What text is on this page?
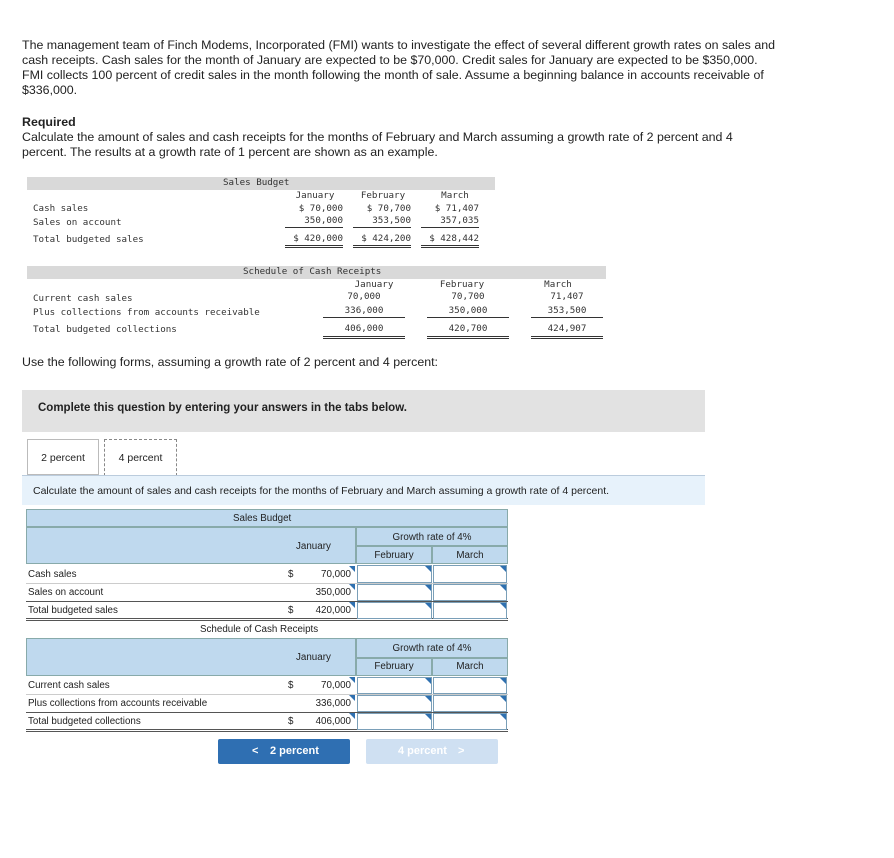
The management team of Finch Modems, Incorporated (FMI) wants to investigate the effect of several different growth rates on sales and cash receipts. Cash sales for the month of January are expected to be $70,000. Credit sales for January are expected to be $350,000. FMI collects 100 percent of credit sales in the month following the month of sale. Assume a beginning balance in accounts receivable of $336,000.
Required
Calculate the amount of sales and cash receipts for the months of February and March assuming a growth rate of 2 percent and 4 percent. The results at a growth rate of 1 percent are shown as an example.
Sales Budget
January	February	March
Cash sales	$ 70,000	$ 70,700	$ 71,407
Sales on account	350,000	353,500	357,035
Total budgeted sales	$ 420,000	$ 424,200	$ 428,442
Schedule of Cash Receipts
January	February	March
Current cash sales	70,000	70,700	71,407
Plus collections from accounts receivable	336,000	350,000	353,500
Total budgeted collections	406,000	420,700	424,907
Use the following forms, assuming a growth rate of 2 percent and 4 percent:
Complete this question by entering your answers in the tabs below.
2 percent	4 percent
Calculate the amount of sales and cash receipts for the months of February and March assuming a growth rate of 4 percent.
Sales Budget
January
Growth rate of 4%
February	March
Cash sales	$	70,000
Sales on account	350,000
Total budgeted sales	$	420,000
Schedule of Cash Receipts
January
Growth rate of 4%
February	March
Current cash sales	$	70,000
Plus collections from accounts receivable	336,000
Total budgeted collections	$	406,000
< 2 percent	4 percent >
